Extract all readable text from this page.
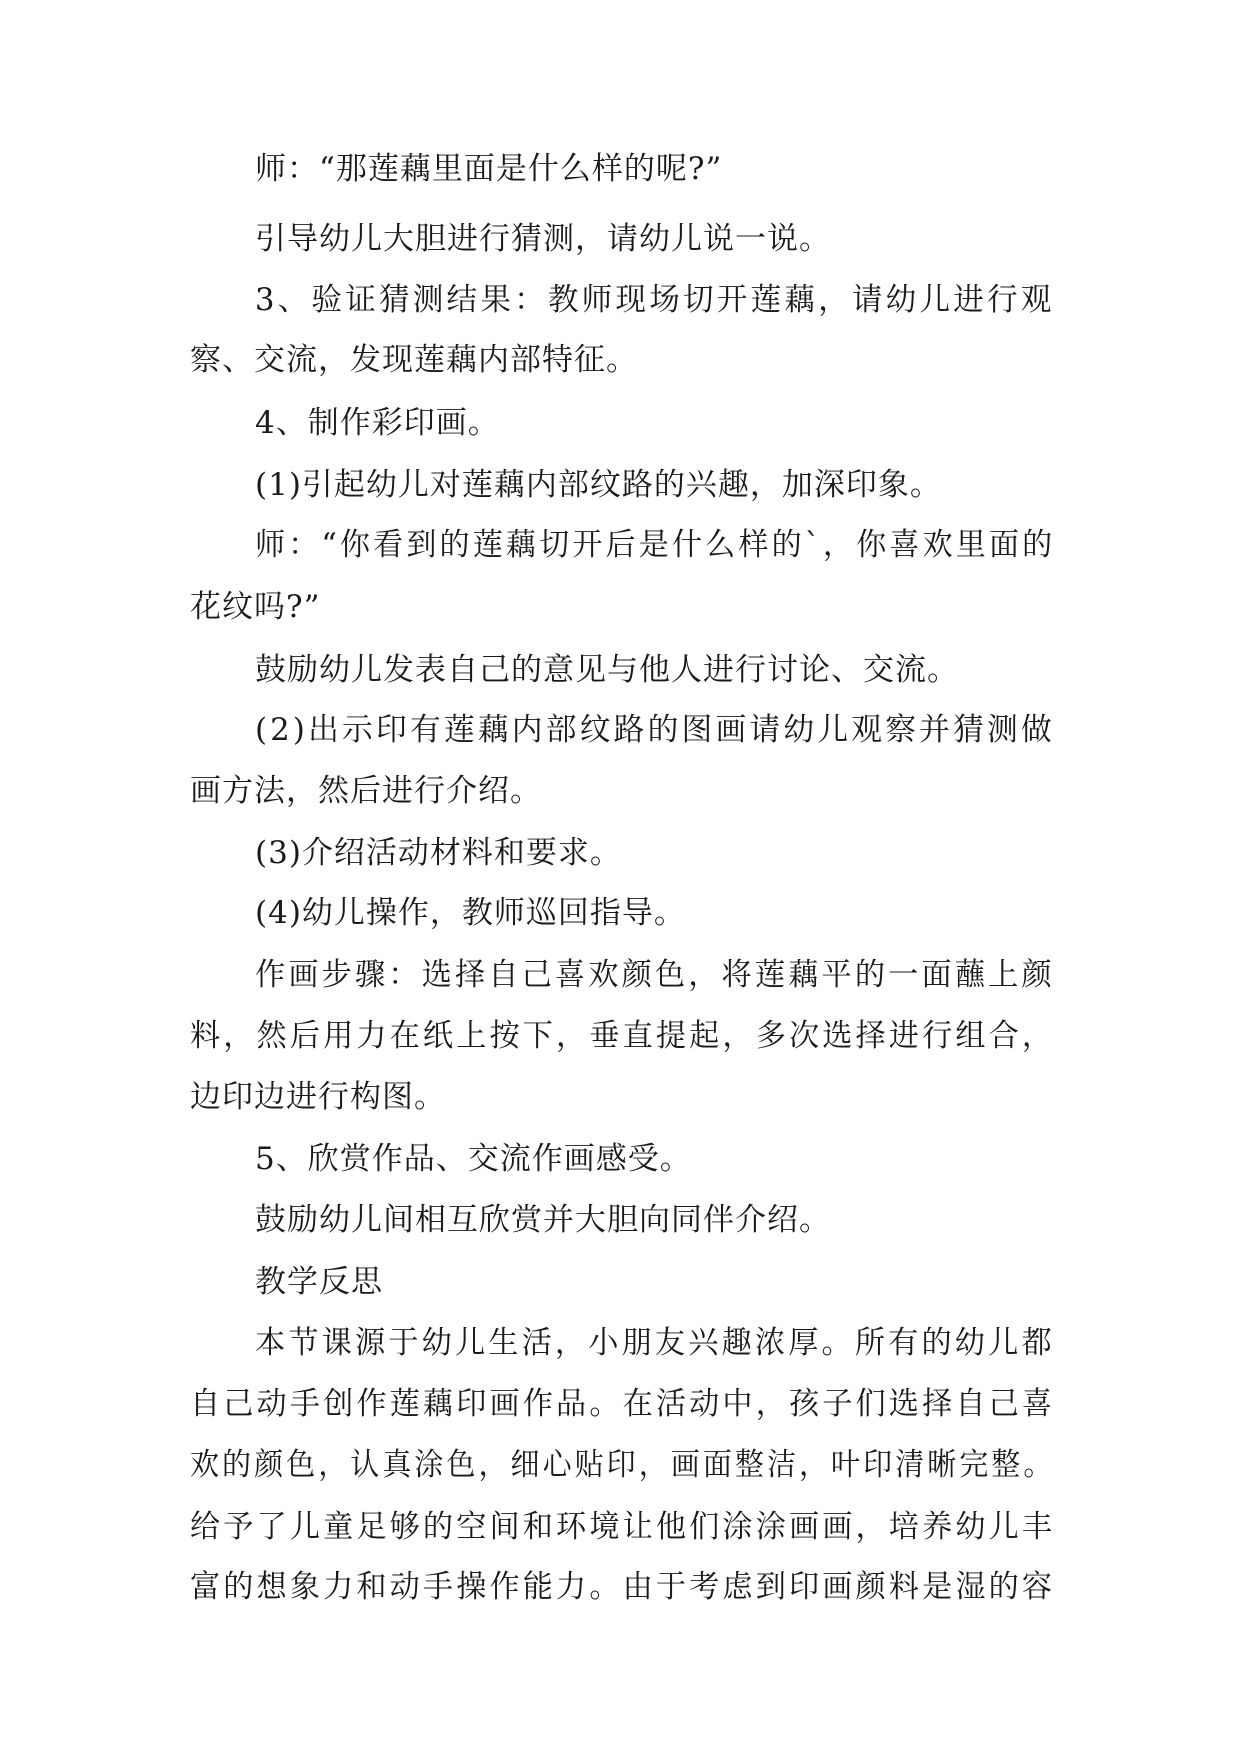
师：“那莲藕里面是什么样的呢?”
引导幼儿大胆进行猜测，请幼儿说一说。
3、验证猜测结果：教师现场切开莲藕，请幼儿进行观
察、交流，发现莲藕内部特征。
4、制作彩印画。
(1)引起幼儿对莲藕内部纹路的兴趣，加深印象。
师：“你看到的莲藕切开后是什么样的`，你喜欢里面的
花纹吗?”
鼓励幼儿发表自己的意见与他人进行讨论、交流。
(2)出示印有莲藕内部纹路的图画请幼儿观察并猜测做
画方法，然后进行介绍。
(3)介绍活动材料和要求。
(4)幼儿操作，教师巡回指导。
作画步骤：选择自己喜欢颜色，将莲藕平的一面蘸上颜
料，然后用力在纸上按下，垂直提起，多次选择进行组合，
边印边进行构图。
5、欣赏作品、交流作画感受。
鼓励幼儿间相互欣赏并大胆向同伴介绍。
教学反思
本节课源于幼儿生活，小朋友兴趣浓厚。所有的幼儿都
自己动手创作莲藕印画作品。在活动中，孩子们选择自己喜
欢的颜色，认真涂色，细心贴印，画面整洁，叶印清晰完整。
给予了儿童足够的空间和环境让他们涂涂画画，培养幼儿丰
富的想象力和动手操作能力。由于考虑到印画颜料是湿的容
